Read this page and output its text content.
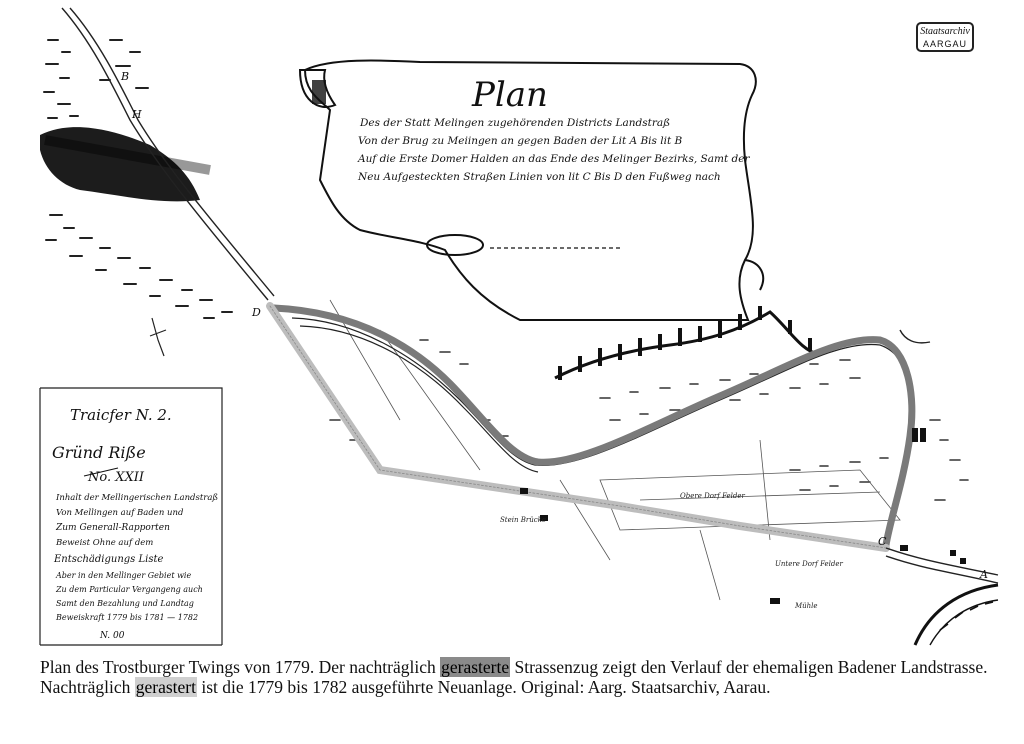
Plan
Des der Statt Melingen zugehörenden Districts Landstraß
Von der Brug zu Meiingen an gegen Baden der Lit A Bis lit B
Auf die Erste Domer Halden an das Ende des Melinger Bezirks, Samt der
Neu Aufgesteckten Straßen Linien von lit C Bis D den Fußweg nach
A
B
C
D
H
Obere Dorf Felder
Untere Dorf Felder
Mühle
Stein Brücke
Traicfer N. 2.
Gründ Riße
No. XXII
Inhalt der Mellingerischen Landstraß
Von Mellingen auf Baden und
Zum Generall-Rapporten
Beweist Ohne auf dem
Entschädigungs Liste
Aber in den Mellinger Gebiet wie
Zu dem Particular Vergangeng auch
Samt den Bezahlung und Landtag
Beweiskraft 1779 bis 1781 — 1782
N. 00
Staatsarchiv
AARGAU
Plan des Trostburger Twings von 1779. Der nachträglich gerasterte Strassenzug zeigt den Verlauf der ehemaligen Badener Landstrasse. Nachträglich gerastert ist die 1779 bis 1782 ausgeführte Neuanlage. Original: Aarg. Staatsarchiv, Aarau.
